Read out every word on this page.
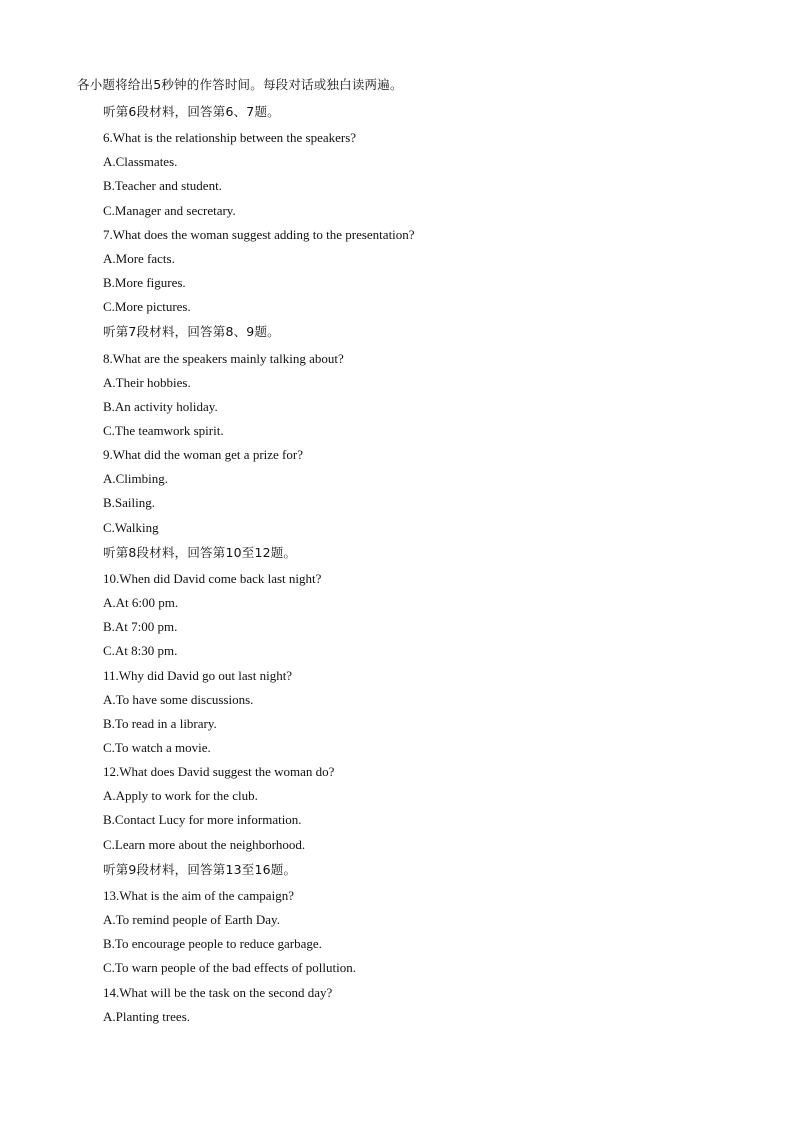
各小题将给出5秒钟的作答时间。每段对话或独白读两遍。
听第6段材料，回答第6、7题。
6.What is the relationship between the speakers?
A.Classmates.
B.Teacher and student.
C.Manager and secretary.
7.What does the woman suggest adding to the presentation?
A.More facts.
B.More figures.
C.More pictures.
听第7段材料，回答第8、9题。
8.What are the speakers mainly talking about?
A.Their hobbies.
B.An activity holiday.
C.The teamwork spirit.
9.What did the woman get a prize for?
A.Climbing.
B.Sailing.
C.Walking
听第8段材料，回答第10至12题。
10.When did David come back last night?
A.At 6:00 pm.
B.At 7:00 pm.
C.At 8:30 pm.
11.Why did David go out last night?
A.To have some discussions.
B.To read in a library.
C.To watch a movie.
12.What does David suggest the woman do?
A.Apply to work for the club.
B.Contact Lucy for more information.
C.Learn more about the neighborhood.
听第9段材料，回答第13至16题。
13.What is the aim of the campaign?
A.To remind people of Earth Day.
B.To encourage people to reduce garbage.
C.To warn people of the bad effects of pollution.
14.What will be the task on the second day?
A.Planting trees.
